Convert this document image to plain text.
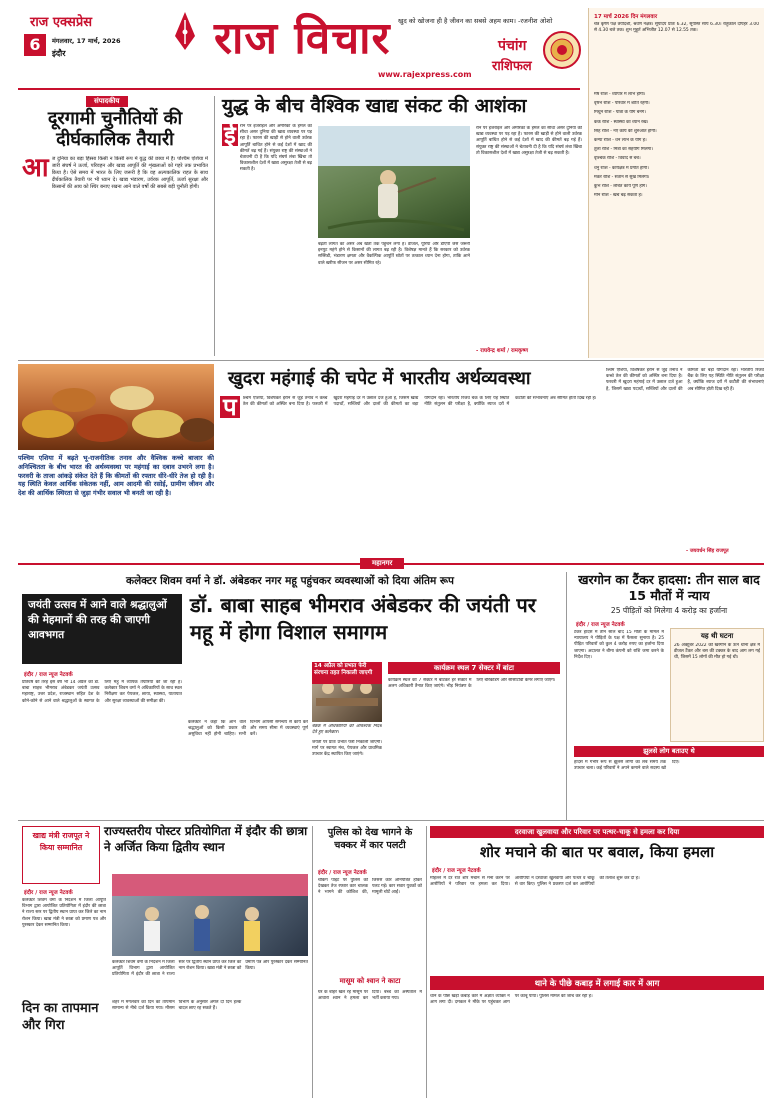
राज एक्सप्रेस
6	मंगलवार, 17 मार्च, 2026
इंदौर	राज विचार खुद को खोजना ही है जीवन का सबसे अहम काम। -रजनीश ओशो
www.rajexpress.com
पंचांग
राशिफल
17 मार्च 2026 दिन मंगलवार
चैत्र कृष्ण पक्ष त्रयोदशी, श्रवण नक्षत्र। सूर्योदय प्रातः 6.32, सूर्यास्त सायं 6.30। राहुकाल दोपहर 3.00 से 4.30 बजे तक। शुभ मुहूर्त अभिजीत 12.07 से 12.55 तक।
मेष राशि - व्यापार में लाभ होगा।
वृषभ राशि - परिवार में शांति रहेगी।
मिथुन राशि - यात्रा के योग बनेंगे।
कर्क राशि - स्वास्थ्य का ध्यान रखें।
सिंह राशि - नए कार्य की शुरुआत होगी।
कन्या राशि - धन लाभ के योग हैं।
तुला राशि - मित्रों का सहयोग मिलेगा।
वृश्चिक राशि - विवाद से बचें।
धनु राशि - कार्यक्षेत्र में प्रगति होगी।
मकर राशि - संतान से सुख मिलेगा।
कुंभ राशि - लंबित कार्य पूर्ण होंगे।
मीन राशि - खर्च बढ़ सकता है।
संपादकीय
दूरगामी चुनौतियों की दीर्घकालिक तैयारी
आ ज दुनिया का बड़ा हिस्सा किसी न किसी रूप में युद्ध की छाया में है। पश्चिम एशिया में जारी संघर्ष ने ऊर्जा, परिवहन और खाद्य आपूर्ति की शृंखलाओं को गहरे तक प्रभावित किया है। ऐसे समय में भारत के लिए जरूरी है कि वह अल्पकालिक राहत के साथ दीर्घकालिक तैयारी पर भी ध्यान दे। खाद्य भंडारण, उर्वरक आपूर्ति, ऊर्जा सुरक्षा और किसानों की आय को स्थिर बनाए रखना आने वाले वर्षों की सबसे बड़ी चुनौती होगी।
युद्ध के बीच वैश्विक खाद्य संकट की आशंका
ई रान पर इजराइल और अमेरिका के हमले का सीधा असर दुनिया की खाद्य व्यवस्था पर पड़ रहा है। फारस की खाड़ी से होने वाली उर्वरक आपूर्ति बाधित होने से कई देशों में खाद की कीमतें बढ़ गई हैं। संयुक्त राष्ट्र की संस्थाओं ने चेतावनी दी है कि यदि संघर्ष लंबा खिंचा तो विकासशील देशों में खाद्य असुरक्षा तेजी से बढ़ सकती है।
बढ़ती लागत का असर अब खेतों तक पहुंचने लगा है। डीजल, यूरिया और डीएपी जैसे जरूरी इनपुट महंगे होने से किसानों की लागत बढ़ रही है। विशेषज्ञ मानते हैं कि सरकार को उर्वरक सब्सिडी, भंडारण क्षमता और वैकल्पिक आपूर्ति स्रोतों पर तत्काल ध्यान देना होगा, ताकि आने वाले खरीफ सीजन पर असर सीमित रहे।
रान पर इजराइल और अमेरिका के हमले का सीधा असर दुनिया की खाद्य व्यवस्था पर पड़ रहा है। फारस की खाड़ी से होने वाली उर्वरक आपूर्ति बाधित होने से कई देशों में खाद की कीमतें बढ़ गई हैं। संयुक्त राष्ट्र की संस्थाओं ने चेतावनी दी है कि यदि संघर्ष लंबा खिंचा तो विकासशील देशों में खाद्य असुरक्षा तेजी से बढ़ सकती है।
- राघवेन्द्र शर्मा / रामकृष्ण
खुदरा महंगाई की चपेट में भारतीय अर्थव्यवस्था
पश्चिम एशिया में बढ़ते भू-राजनीतिक तनाव और वैश्विक कच्चे बाजार की अनिश्चितता के बीच भारत की अर्थव्यवस्था पर महंगाई का दबाव उभरने लगा है। फरवरी के ताजा आंकड़े संकेत देते हैं कि कीमतों की रफ्तार धीरे-धीरे तेज हो रही है। यह स्थिति केवल आर्थिक संकेतक नहीं, आम आदमी की रसोई, ग्रामीण जीवन और देश की आर्थिक स्थिरता से जुड़ा गंभीर सवाल भी बनती जा रही है।
प	श्चिम एशिया, विशेषकर ईरान से जुड़े तनाव ने कच्चे तेल की कीमतों को अस्थिर बना दिया है। फरवरी में खुदरा महंगाई दर में उछाल दर्ज हुआ है, जिसमें खाद्य पदार्थों, सब्जियों और दालों की कीमतों का बड़ा योगदान रहा। भारतीय रिजर्व बैंक के लिए यह स्थिति नीति संतुलन की परीक्षा है, क्योंकि ब्याज दरों में कटौती की संभावनाएं अब सीमित होती दिख रही हैं।
श्चिम एशिया, विशेषकर ईरान से जुड़े तनाव ने कच्चे तेल की कीमतों को अस्थिर बना दिया है। फरवरी में खुदरा महंगाई दर में उछाल दर्ज हुआ है, जिसमें खाद्य पदार्थों, सब्जियों और दालों की कीमतों का बड़ा योगदान रहा। भारतीय रिजर्व बैंक के लिए यह स्थिति नीति संतुलन की परीक्षा है, क्योंकि ब्याज दरों में कटौती की संभावनाएं अब सीमित होती दिख रही हैं।
- जयवर्धन सिंह राजपूत
महानगर
कलेक्टर शिवम वर्मा ने डॉ. अंबेडकर नगर महू पहुंचकर व्यवस्थाओं को दिया अंतिम रूप
जयंती उत्सव में आने वाले श्रद्धालुओं की मेहमानों की तरह की जाएगी आवभगत
डॉ. बाबा साहब भीमराव अंबेडकर की जयंती पर महू में होगा विशाल समागम
इंदौर / राज न्यूज नेटवर्क
प्रतिवर्ष की तरह इस वर्ष भी 14 अप्रैल को डॉ. बाबा साहब भीमराव अंबेडकर जयंती उत्सव महाराष्ट्र, उत्तर प्रदेश, राजस्थान सहित देश के कोने-कोने से आने वाले श्रद्धालुओं के स्वागत के लिए महू में व्यापक तैयारियां की जा रही हैं। कलेक्टर शिवम वर्मा ने अधिकारियों के साथ स्थल निरीक्षण कर पेयजल, छाया, स्वास्थ्य, यातायात और सुरक्षा व्यवस्थाओं की समीक्षा की।
कलेक्टर ने कहा कि आने वाले श्रद्धालुओं को किसी प्रकार की असुविधा नहीं होनी चाहिए। सभी विभाग आपसी समन्वय से कार्य करें और समय सीमा में व्यवस्थाएं पूर्ण करें।
14 अप्रैल को प्रभात फेरी संरचना तहत निकाली जाएगी
बैठक में अधिकारियों को आवश्यक निर्देश देते हुए कलेक्टर।
जयंती पर प्रातः प्रभात फेरी निकाली जाएगी। मार्ग पर स्वागत मंच, पेयजल और प्राथमिक उपचार केंद्र स्थापित किए जाएंगे।
कार्यक्रम स्थल 7 सेक्टर में बांटा
कार्यक्रम स्थल को 7 सेक्टर में बांटकर हर सेक्टर में अलग अधिकारी तैनात किए जाएंगे। भीड़ नियंत्रण के लिए बैरिकेडिंग और सीसीटीवी कैमरे लगाए जाएंगे।
खरगोन का टैंकर हादसा: तीन साल बाद 15 मौतों में न्याय
25 पीड़ितों को मिलेगा 4 करोड़ का हर्जाना
इंदौर / राज न्यूज नेटवर्क
टैंकर हादसे में तीन साल बाद 15 मौतों के मामले में न्यायालय ने पीड़ितों के पक्ष में फैसला सुनाया है। 25 पीड़ित परिवारों को कुल 4 करोड़ रुपए का हर्जाना दिया जाएगा। अदालत ने बीमा कंपनी को राशि जमा करने के निर्देश दिए।
यह थी घटना
26 अक्टूबर 2022 को खरगोन के ऊन थाना क्षेत्र में डीजल टैंकर और बस की टक्कर के बाद आग लग गई थी, जिसमें 15 लोगों की मौत हो गई थी।
झुलसे लोग बताउए थे
हादसे में गंभीर रूप से झुलसे लोगों का लंबे समय तक उपचार चला। कई परिवारों ने अपने कमाने वाले सदस्य खो दिए।
खाद्य मंत्री राजपूत ने किया सम्मानित
राज्यस्तरीय पोस्टर प्रतियोगिता में इंदौर की छात्रा ने अर्जित किया द्वितीय स्थान
इंदौर / राज न्यूज नेटवर्क
कलेक्टर शिवम वर्मा के निर्देशन में जिला आपूर्ति विभाग द्वारा आयोजित प्रतियोगिता में इंदौर की छात्रा ने राज्य स्तर पर द्वितीय स्थान प्राप्त कर जिले का नाम रोशन किया। खाद्य मंत्री ने छात्रा को प्रमाण पत्र और पुरस्कार देकर सम्मानित किया।
कलेक्टर शिवम वर्मा के निर्देशन में जिला आपूर्ति विभाग द्वारा आयोजित प्रतियोगिता में इंदौर की छात्रा ने राज्य स्तर पर द्वितीय स्थान प्राप्त कर जिले का नाम रोशन किया। खाद्य मंत्री ने छात्रा को प्रमाण पत्र और पुरस्कार देकर सम्मानित किया।
दिन का तापमान और गिरा
शहर में मंगलवार को दिन का तापमान सामान्य से नीचे दर्ज किया गया। मौसम विभाग के अनुसार अगले दो दिन हल्के बादल छाए रह सकते हैं।
पुलिस को देख भागने के चक्कर में कार पलटी
इंदौर / राज न्यूज नेटवर्क
चेकिंग पॉइंट पर पुलिस को देखकर तेज रफ्तार कार चालक ने भागने की कोशिश की, जिससे कार अनियंत्रित होकर पलट गई। कार सवार युवकों को मामूली चोटें आईं।
मासूम को श्वान ने काटा
घर के बाहर खेल रहे मासूम पर आवारा श्वान ने हमला कर दिया। बच्चे को अस्पताल में भर्ती कराया गया।
दरवाजा खुलवाया और परिवार पर पत्थर-चाकू से हमला कर दिया
शोर मचाने की बात पर बवाल, किया हमला
इंदौर / राज न्यूज नेटवर्क
मोहल्ले में देर रात शोर मचाने से मना करने पर आरोपियों ने परिवार पर हमला कर दिया। आरोपियों ने दरवाजा खुलवाया और पत्थर व चाकू से वार किए। पुलिस ने प्रकरण दर्ज कर आरोपियों की तलाश शुरू कर दी है।
थाने के पीछे कबाड़ में लगाई कार में आग
थाने के पीछे खड़ी कबाड़ कार में अज्ञात व्यक्ति ने आग लगा दी। दमकल ने मौके पर पहुंचकर आग पर काबू पाया। पुलिस मामले की जांच कर रही है।
